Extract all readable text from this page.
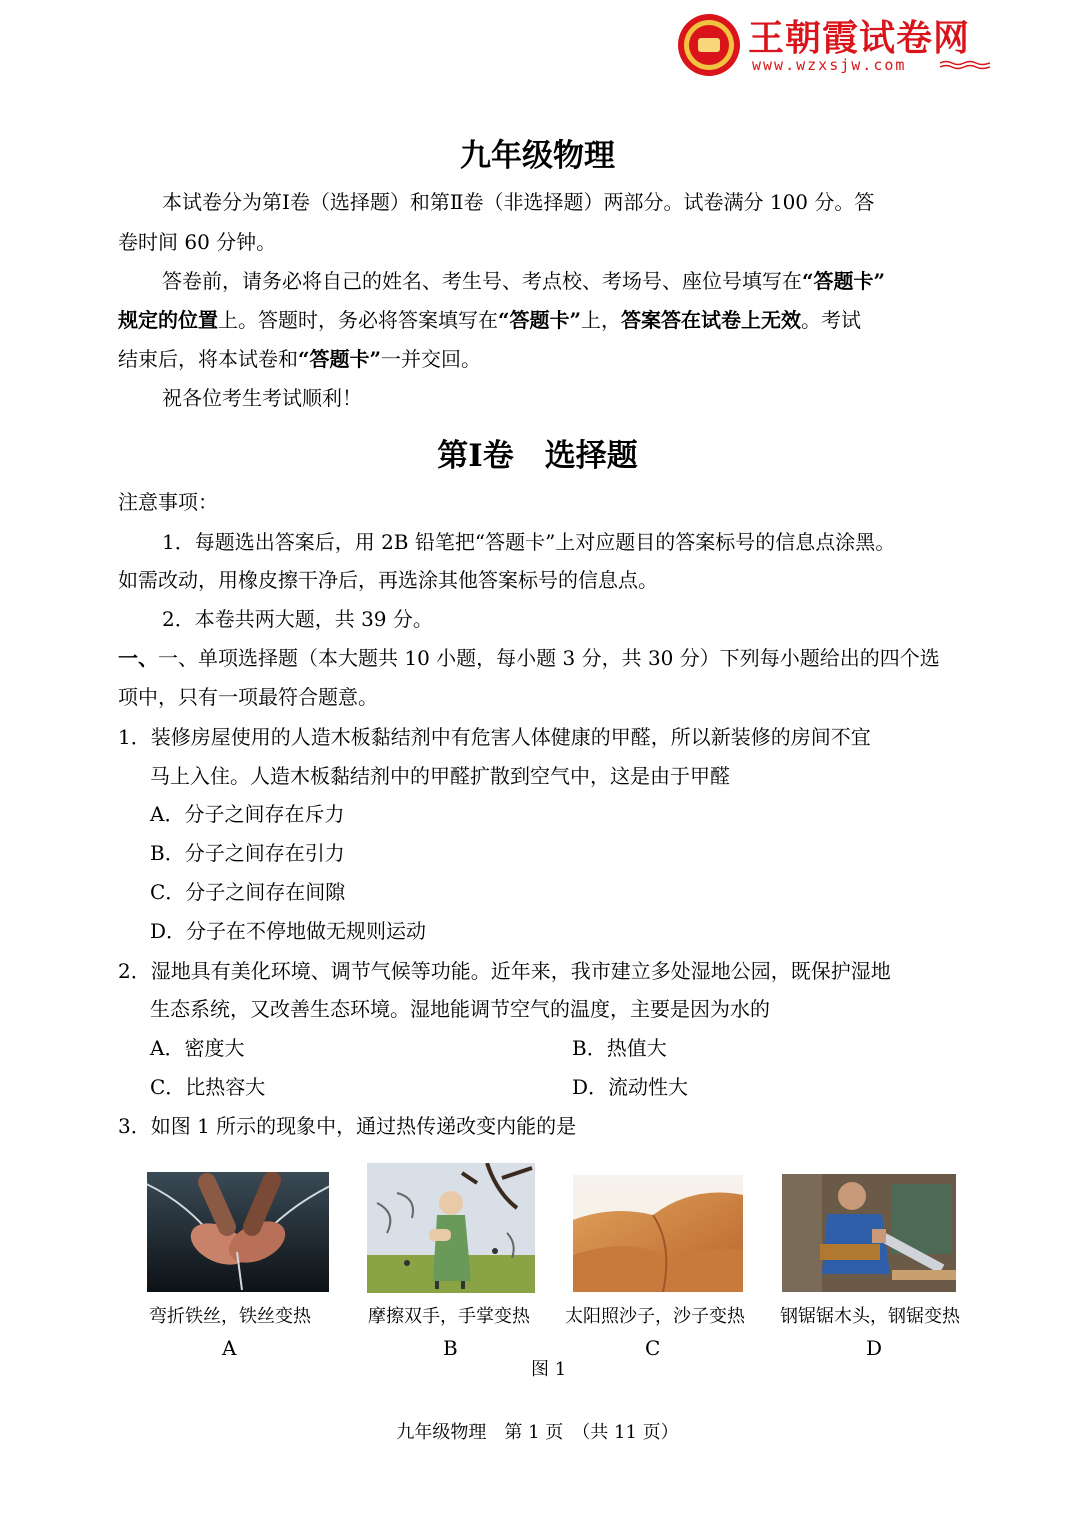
王朝霞试卷网
www.wzxsjw.com
九年级物理
本试卷分为第Ⅰ卷（选择题）和第Ⅱ卷（非选择题）两部分。试卷满分 100 分。答
卷时间 60 分钟。
答卷前，请务必将自己的姓名、考生号、考点校、考场号、座位号填写在“答题卡”
规定的位置上。答题时，务必将答案填写在“答题卡”上，答案答在试卷上无效。考试
结束后，将本试卷和“答题卡”一并交回。
祝各位考生考试顺利！
第Ⅰ卷　选择题
注意事项：
1．每题选出答案后，用 2B 铅笔把“答题卡”上对应题目的答案标号的信息点涂黑。
如需改动，用橡皮擦干净后，再选涂其他答案标号的信息点。
2．本卷共两大题，共 39 分。
一、一、单项选择题（本大题共 10 小题，每小题 3 分，共 30 分）下列每小题给出的四个选
项中，只有一项最符合题意。
1．装修房屋使用的人造木板黏结剂中有危害人体健康的甲醛，所以新装修的房间不宜
马上入住。人造木板黏结剂中的甲醛扩散到空气中，这是由于甲醛
A．分子之间存在斥力
B．分子之间存在引力
C．分子之间存在间隙
D．分子在不停地做无规则运动
2．湿地具有美化环境、调节气候等功能。近年来，我市建立多处湿地公园，既保护湿地
生态系统，又改善生态环境。湿地能调节空气的温度，主要是因为水的
A．密度大	B．热值大
C．比热容大	D．流动性大
3．如图 1 所示的现象中，通过热传递改变内能的是
弯折铁丝，铁丝变热	摩擦双手，手掌变热 太阳照沙子，沙子变热 钢锯锯木头，钢锯变热
A	B	C	D
图 1
九年级物理　第 1 页　（共 11 页）
